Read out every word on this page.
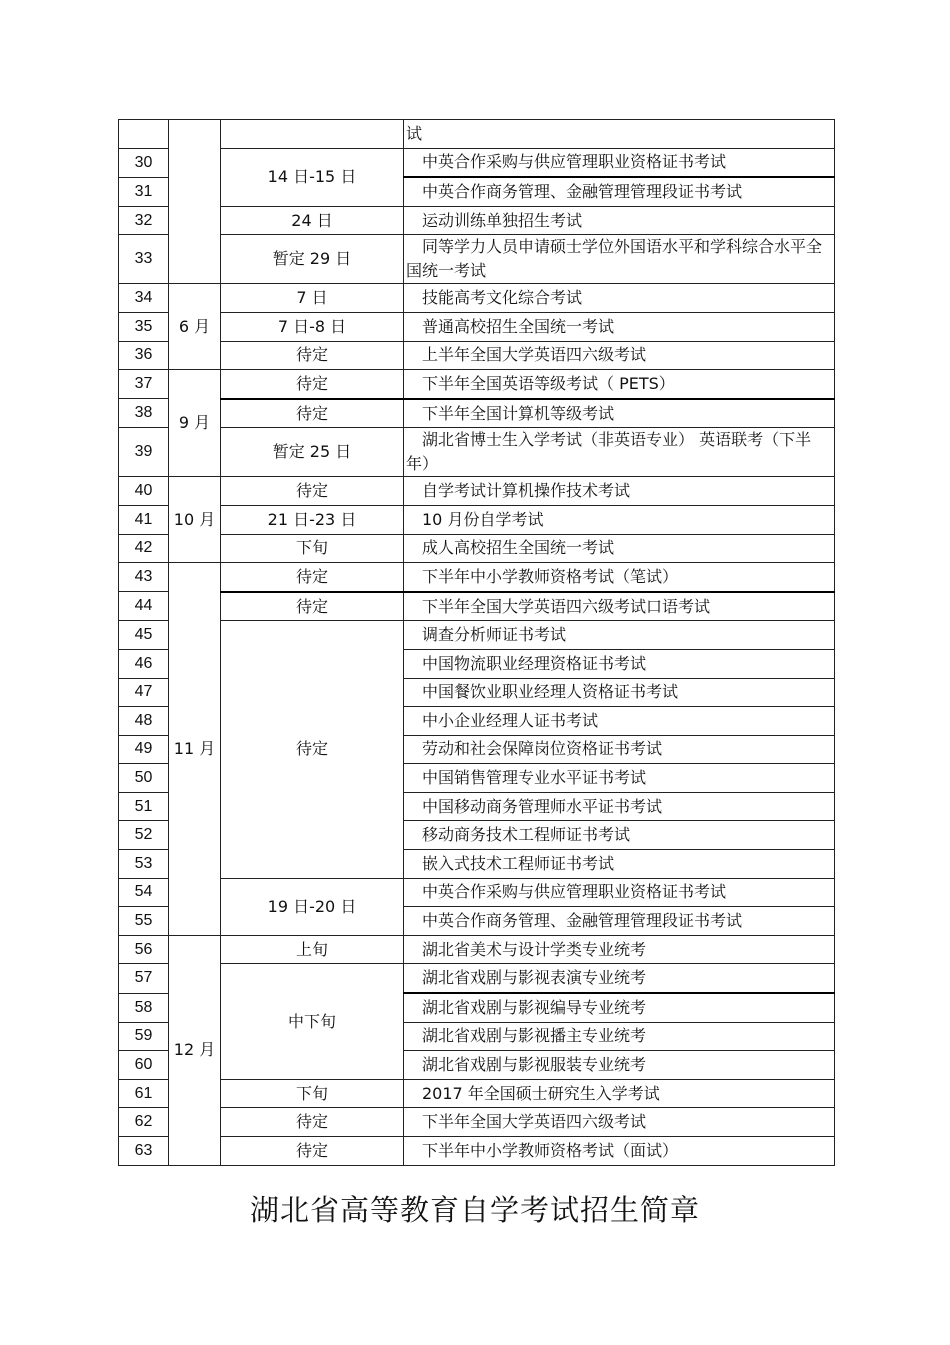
			试
30		14 日-15 日	中英合作采购与供应管理职业资格证书考试
31			中英合作商务管理、金融管理管理段证书考试
32		24 日	运动训练单独招生考试
33		暂定 29 日	同等学力人员申请硕士学位外国语水平和学科综合水平全国统一考试
34	6 月	7 日	技能高考文化综合考试
35		7 日-8 日	普通高校招生全国统一考试
36		待定	上半年全国大学英语四六级考试
37	9 月	待定	下半年全国英语等级考试（ PETS）
38		待定	下半年全国计算机等级考试
39		暂定 25 日	湖北省博士生入学考试（非英语专业） 英语联考（下半年）
40	10 月	待定	自学考试计算机操作技术考试
41		21 日-23 日	10 月份自学考试
42		下旬	成人高校招生全国统一考试
43	11 月	待定	下半年中小学教师资格考试（笔试）
44		待定	下半年全国大学英语四六级考试口语考试
45		待定	调查分析师证书考试
46			中国物流职业经理资格证书考试
47			中国餐饮业职业经理人资格证书考试
48			中小企业经理人证书考试
49			劳动和社会保障岗位资格证书考试
50			中国销售管理专业水平证书考试
51			中国移动商务管理师水平证书考试
52			移动商务技术工程师证书考试
53			嵌入式技术工程师证书考试
54		19 日-20 日	中英合作采购与供应管理职业资格证书考试
55			中英合作商务管理、金融管理管理段证书考试
56	12 月	上旬	湖北省美术与设计学类专业统考
57		中下旬	湖北省戏剧与影视表演专业统考
58			湖北省戏剧与影视编导专业统考
59			湖北省戏剧与影视播主专业统考
60			湖北省戏剧与影视服装专业统考
61		下旬	2017 年全国硕士研究生入学考试
62		待定	下半年全国大学英语四六级考试
63		待定	下半年中小学教师资格考试（面试）
湖北省高等教育自学考试招生简章
